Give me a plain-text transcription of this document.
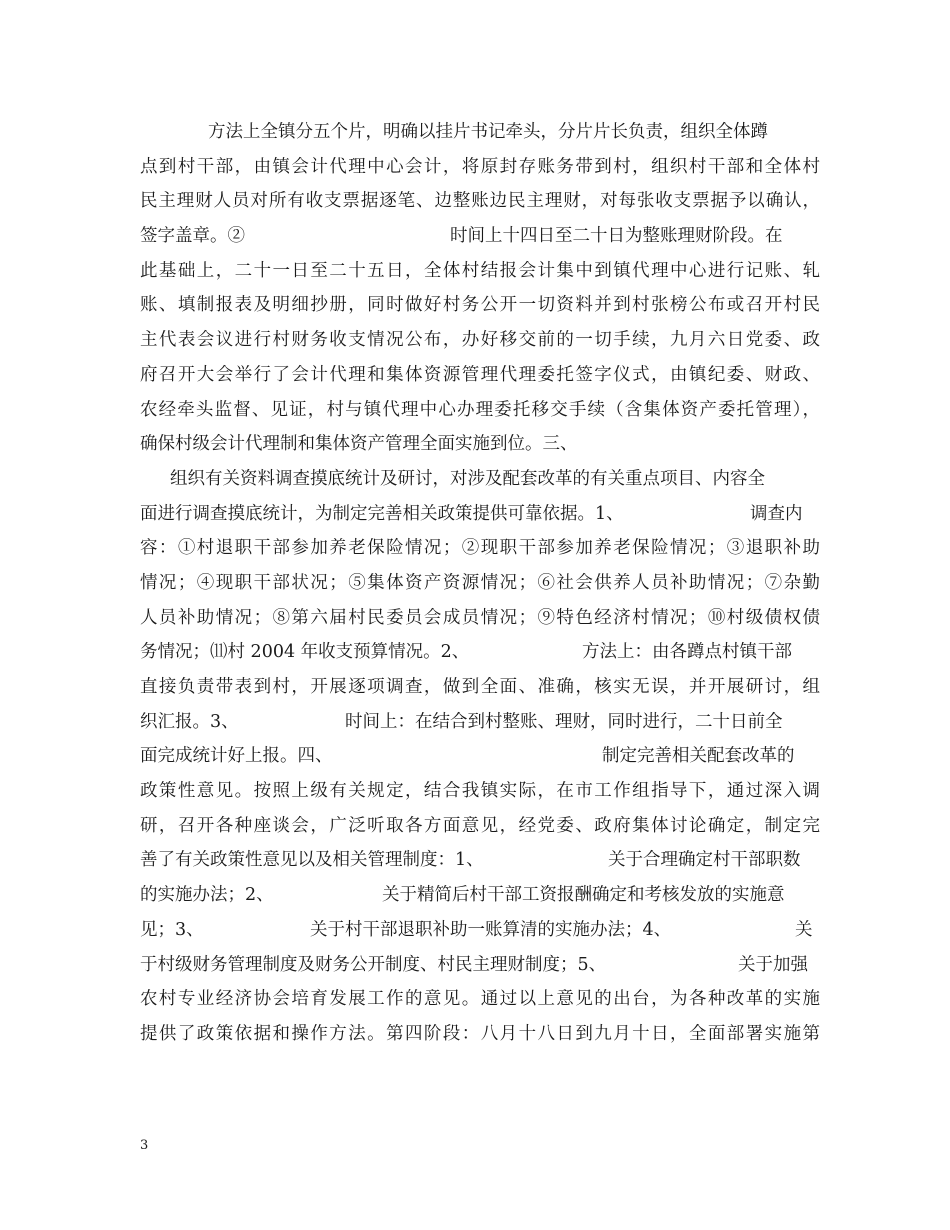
方法上全镇分五个片，明确以挂片书记牵头，分片片长负责，组织全体蹲
点到村干部，由镇会计代理中心会计，将原封存账务带到村，组织村干部和全体村
民主理财人员对所有收支票据逐笔、边整账边民主理财，对每张收支票据予以确认，
签字盖章。②	时间上十四日至二十日为整账理财阶段。在
此基础上，二十一日至二十五日，全体村结报会计集中到镇代理中心进行记账、轧
账、填制报表及明细抄册，同时做好村务公开一切资料并到村张榜公布或召开村民
主代表会议进行村财务收支情况公布，办好移交前的一切手续，九月六日党委、政
府召开大会举行了会计代理和集体资源管理代理委托签字仪式，由镇纪委、财政、
农经牵头监督、见证，村与镇代理中心办理委托移交手续（含集体资产委托管理），
确保村级会计代理制和集体资产管理全面实施到位。三、
组织有关资料调查摸底统计及研讨，对涉及配套改革的有关重点项目、内容全
面进行调查摸底统计，为制定完善相关政策提供可靠依据。1、	调查内
容：①村退职干部参加养老保险情况；②现职干部参加养老保险情况；③退职补助
情况；④现职干部状况；⑤集体资产资源情况；⑥社会供养人员补助情况；⑦杂勤
人员补助情况；⑧第六届村民委员会成员情况；⑨特色经济村情况；⑩村级债权债
务情况；⑾村 2004 年收支预算情况。2、	方法上：由各蹲点村镇干部
直接负责带表到村，开展逐项调查，做到全面、准确，核实无误，并开展研讨，组
织汇报。3、	时间上：在结合到村整账、理财，同时进行，二十日前全
面完成统计好上报。四、	制定完善相关配套改革的
政策性意见。按照上级有关规定，结合我镇实际，在市工作组指导下，通过深入调
研，召开各种座谈会，广泛听取各方面意见，经党委、政府集体讨论确定，制定完
善了有关政策性意见以及相关管理制度：1、	关于合理确定村干部职数
的实施办法；2、	关于精简后村干部工资报酬确定和考核发放的实施意
见；3、	关于村干部退职补助一账算清的实施办法；4、	关
于村级财务管理制度及财务公开制度、村民主理财制度；5、	关于加强
农村专业经济协会培育发展工作的意见。通过以上意见的出台，为各种改革的实施
提供了政策依据和操作方法。第四阶段：八月十八日到九月十日，全面部署实施第
3
